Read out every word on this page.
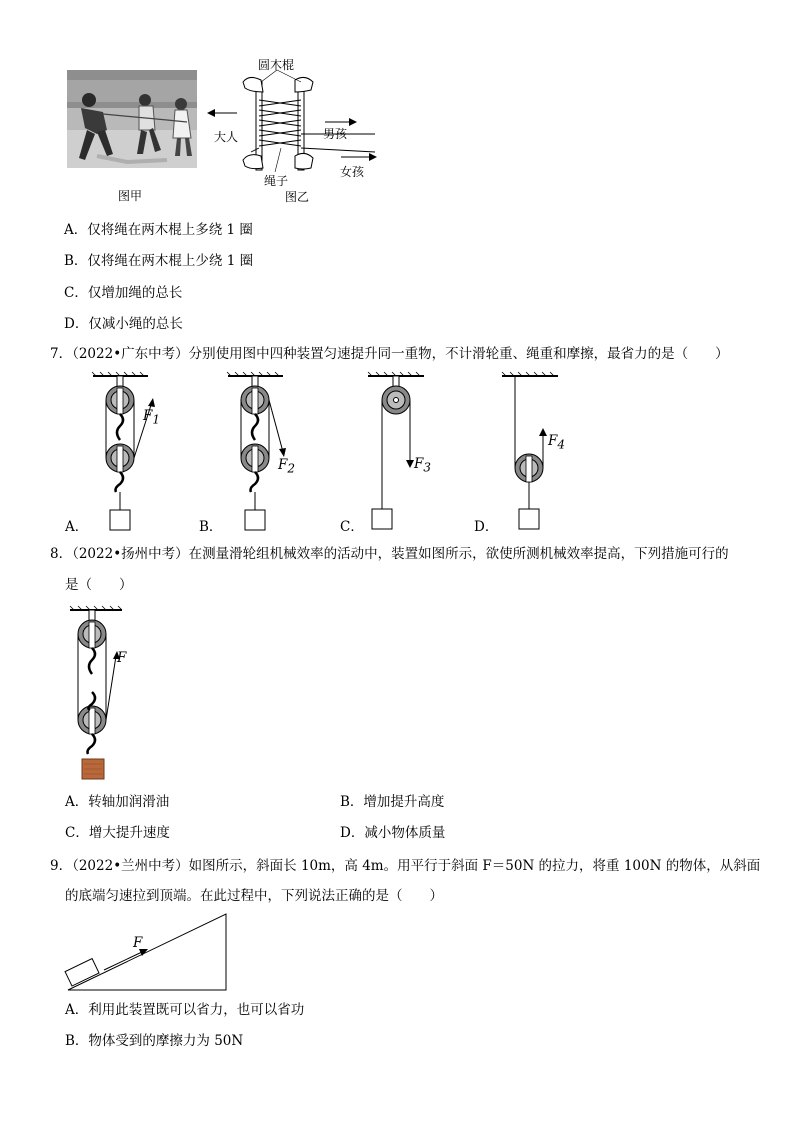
图甲
圆木棍
大人	男孩
女孩
绳子
图乙
A．仅将绳在两木棍上多绕 1 圈
B．仅将绳在两木棍上少绕 1 圈
C．仅增加绳的总长
D．仅减小绳的总长
7．（2022•广东中考）分别使用图中四种装置匀速提升同一重物，不计滑轮重、绳重和摩擦，最省力的是（　　）
$F_1$
$F_2$	$F_3$
$F_4$
A．	B．	C．	D．
8．（2022•扬州中考）在测量滑轮组机械效率的活动中，装置如图所示，欲使所测机械效率提高，下列措施可行的
是（　　）
F
A．转轴加润滑油	B．增加提升高度
C．增大提升速度	D．减小物体质量
9．（2022•兰州中考）如图所示，斜面长 10m，高 4m。用平行于斜面 F＝50N 的拉力，将重 100N 的物体，从斜面
的底端匀速拉到顶端。在此过程中，下列说法正确的是（　　）
F
A．利用此装置既可以省力，也可以省功
B．物体受到的摩擦力为 50N
